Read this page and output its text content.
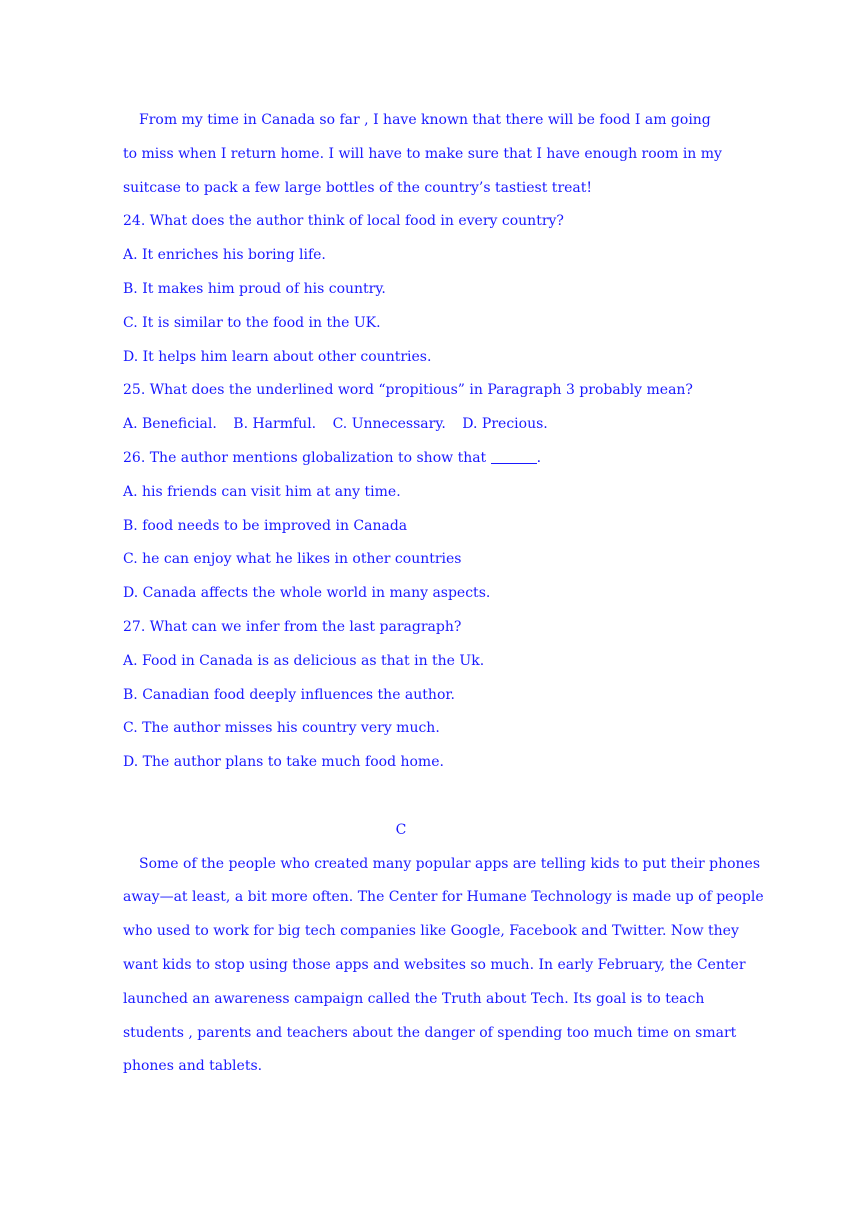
From my time in Canada so far , I have known that there will be food I am going
to miss when I return home. I will have to make sure that I have enough room in my
suitcase to pack a few large bottles of the country’s tastiest treat!
24. What does the author think of local food in every country?
A. It enriches his boring life.
B. It makes him proud of his country.
C. It is similar to the food in the UK.
D. It helps him learn about other countries.
25. What does the underlined word “propitious” in Paragraph 3 probably mean?
A. Beneficial. B. Harmful. C. Unnecessary. D. Precious.
26. The author mentions globalization to show that	.
A. his friends can visit him at any time.
B. food needs to be improved in Canada
C. he can enjoy what he likes in other countries
D. Canada affects the whole world in many aspects.
27. What can we infer from the last paragraph?
A. Food in Canada is as delicious as that in the Uk.
B. Canadian food deeply influences the author.
C. The author misses his country very much.
D. The author plans to take much food home.
C
Some of the people who created many popular apps are telling kids to put their phones
away—at least, a bit more often. The Center for Humane Technology is made up of people
who used to work for big tech companies like Google, Facebook and Twitter. Now they
want kids to stop using those apps and websites so much. In early February, the Center
launched an awareness campaign called the Truth about Tech. Its goal is to teach
students , parents and teachers about the danger of spending too much time on smart
phones and tablets.
